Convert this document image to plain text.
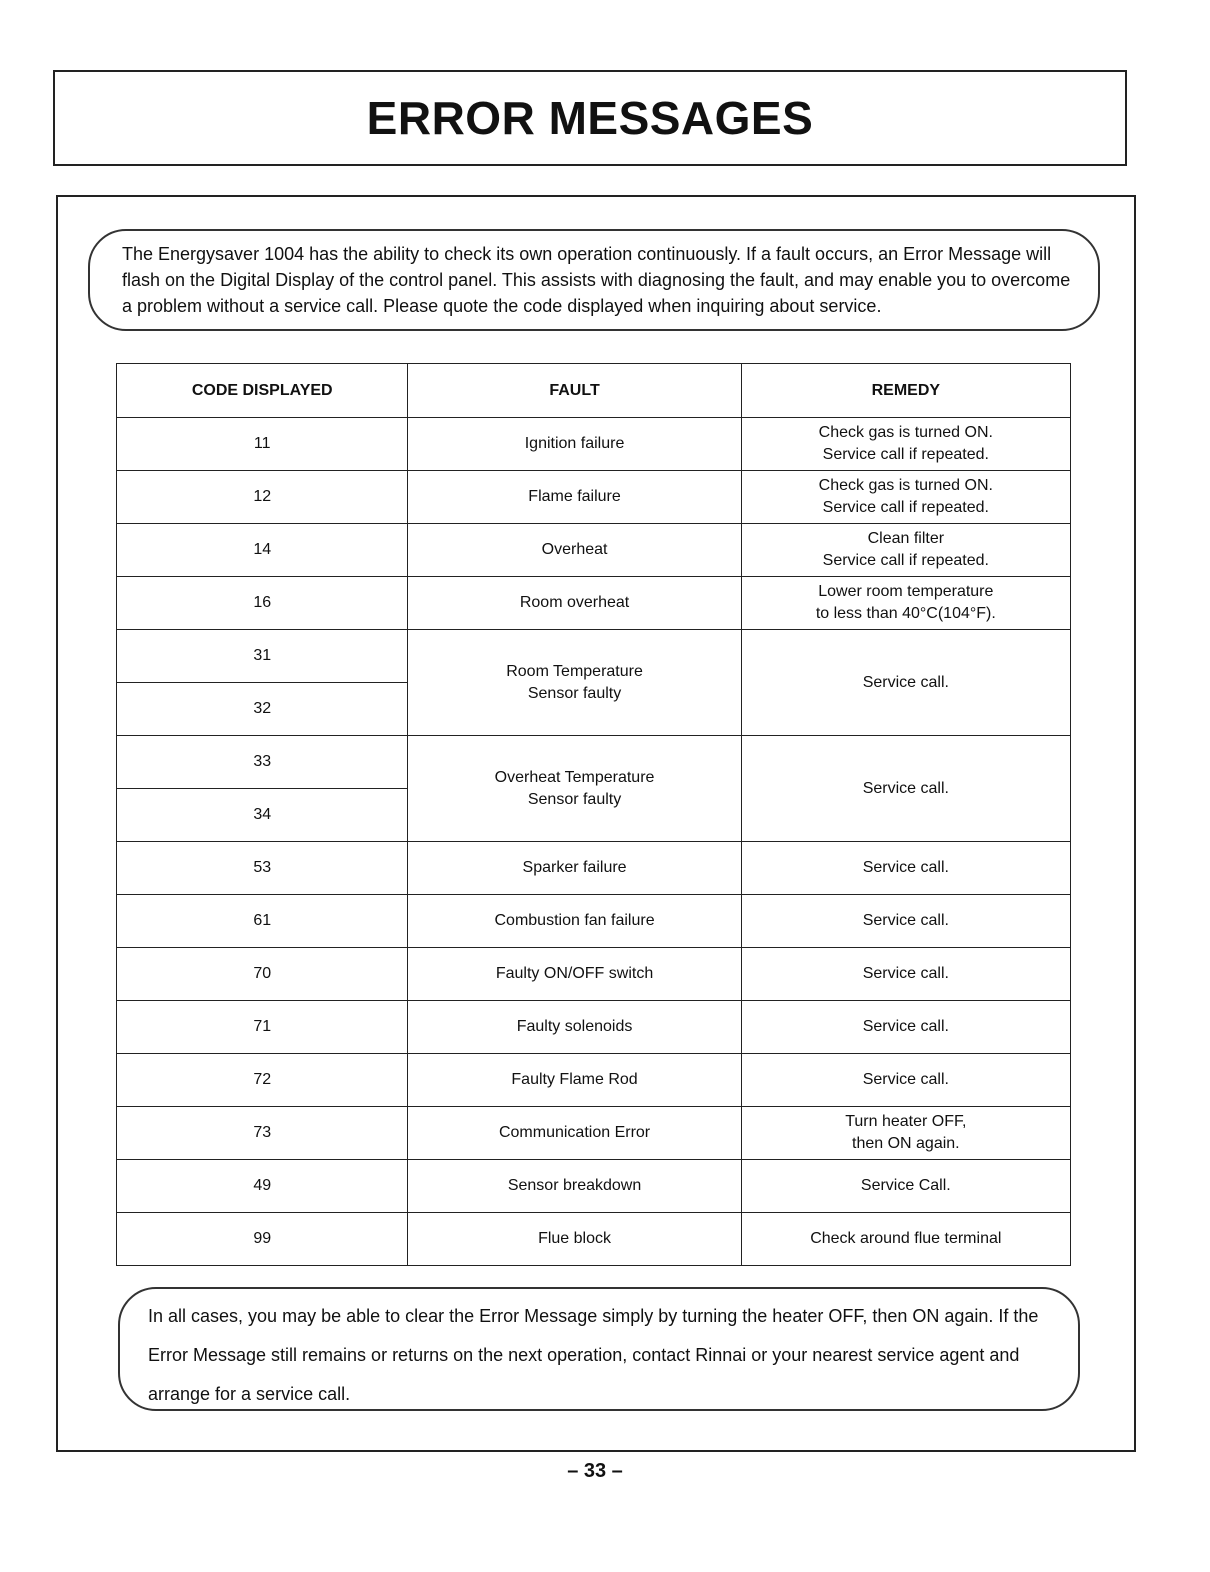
ERROR MESSAGES
The Energysaver 1004 has the ability to check its own operation continuously. If a fault occurs, an Error Message will flash on the Digital Display of the control panel. This assists with diagnosing the fault, and may enable you to overcome a problem without a service call. Please quote the code displayed when inquiring about service.
CODE DISPLAYED	FAULT	REMEDY

11	Ignition failure	Check gas is turned ON.
Service call if repeated.

12	Flame failure	Check gas is turned ON.
Service call if repeated.

14	Overheat	Clean filter
Service call if repeated.

16	Room overheat	Lower room temperature
to less than 40°C(104°F).

31	Room Temperature
Sensor faulty	Service call.

32		

33	Overheat Temperature
Sensor faulty	Service call.

34		

53	Sparker failure	Service call.

61	Combustion fan failure	Service call.

70	Faulty ON/OFF switch	Service call.

71	Faulty solenoids	Service call.

72	Faulty Flame Rod	Service call.

73	Communication Error	Turn heater OFF,
then ON again.

49	Sensor breakdown	Service Call.

99	Flue block	Check around flue terminal
In all cases, you may be able to clear the Error Message simply by turning the heater OFF, then ON again. If the Error Message still remains or returns on the next operation, contact Rinnai or your nearest service agent and arrange for a service call.
– 33 –
